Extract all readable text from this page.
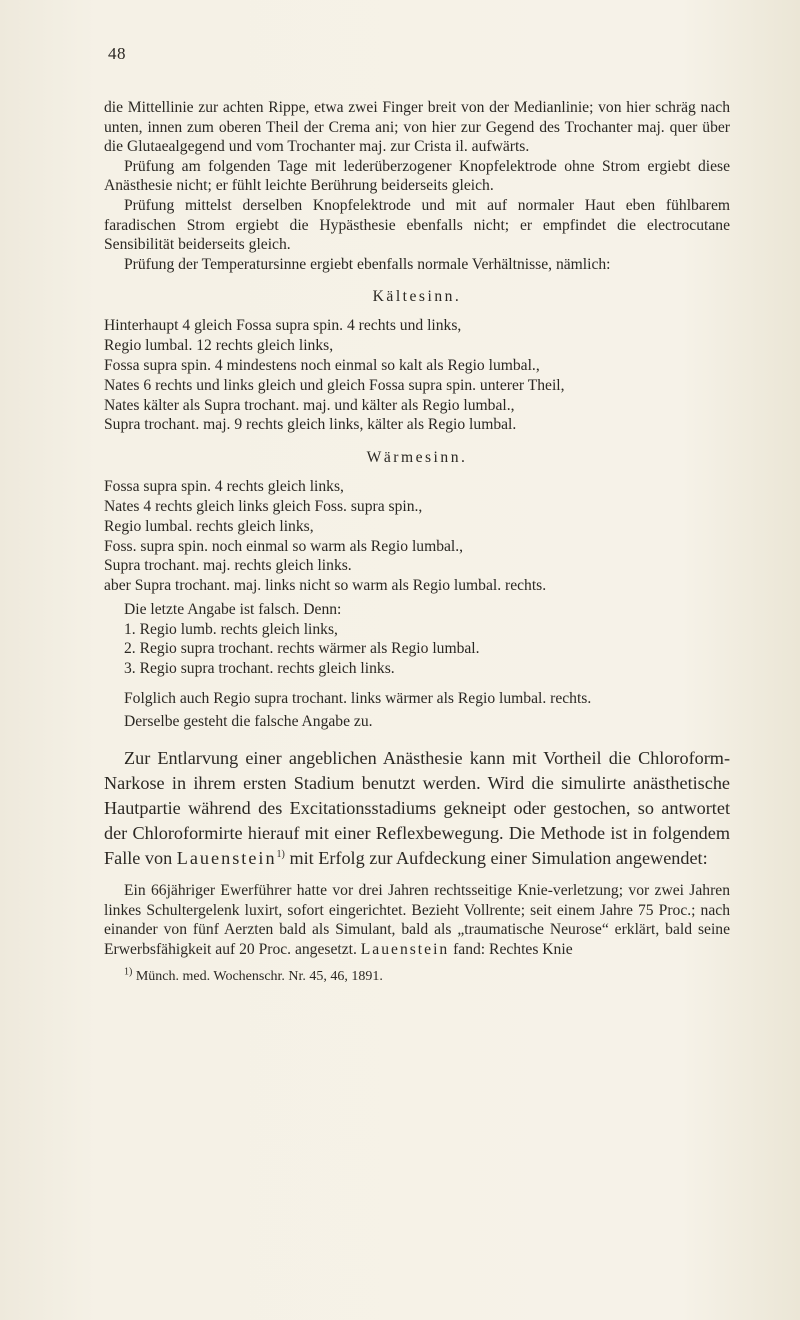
48

die Mittellinie zur achten Rippe, etwa zwei Finger breit von der Medianlinie; von hier schräg nach unten, innen zum oberen Theil der Crema ani; von hier zur Gegend des Trochanter maj. quer über die Glutaealgegend und vom Trochanter maj. zur Crista il. aufwärts.

Prüfung am folgenden Tage mit lederüberzogener Knopfelektrode ohne Strom ergiebt diese Anästhesie nicht; er fühlt leichte Berührung beiderseits gleich.

Prüfung mittelst derselben Knopfelektrode und mit auf normaler Haut eben fühlbarem faradischen Strom ergiebt die Hypästhesie ebenfalls nicht; er empfindet die electrocutane Sensibilität beiderseits gleich.

Prüfung der Temperatursinne ergiebt ebenfalls normale Verhältnisse, nämlich:

Kältesinn.

Hinterhaupt 4 gleich Fossa supra spin. 4 rechts und links,

Regio lumbal. 12 rechts gleich links,

Fossa supra spin. 4 mindestens noch einmal so kalt als Regio lumbal.,

Nates 6 rechts und links gleich und gleich Fossa supra spin. unterer Theil,

Nates kälter als Supra trochant. maj. und kälter als Regio lumbal.,

Supra trochant. maj. 9 rechts gleich links, kälter als Regio lumbal.

Wärmesinn.

Fossa supra spin. 4 rechts gleich links,

Nates 4 rechts gleich links gleich Foss. supra spin.,

Regio lumbal. rechts gleich links,

Foss. supra spin. noch einmal so warm als Regio lumbal.,

Supra trochant. maj. rechts gleich links.

aber Supra trochant. maj. links nicht so warm als Regio lumbal. rechts.

Die letzte Angabe ist falsch. Denn:

1. Regio lumb. rechts gleich links,

2. Regio supra trochant. rechts wärmer als Regio lumbal.

3. Regio supra trochant. rechts gleich links.

Folglich auch Regio supra trochant. links wärmer als Regio lumbal. rechts.

Derselbe gesteht die falsche Angabe zu.

Zur Entlarvung einer angeblichen Anästhesie kann mit Vortheil die Chloroform-Narkose in ihrem ersten Stadium benutzt werden. Wird die simulirte anästhetische Hautpartie während des Excitationsstadiums gekneipt oder gestochen, so antwortet der Chloroformirte hierauf mit einer Reflexbewegung. Die Methode ist in folgendem Falle von Lauenstein$^{1)}$ mit Erfolg zur Aufdeckung einer Simulation angewendet:

Ein 66jähriger Ewerführer hatte vor drei Jahren rechtsseitige Knie-verletzung; vor zwei Jahren linkes Schultergelenk luxirt, sofort eingerichtet. Bezieht Vollrente; seit einem Jahre 75 Proc.; nach einander von fünf Aerzten bald als Simulant, bald als „traumatische Neurose“ erklärt, bald seine Erwerbsfähigkeit auf 20 Proc. angesetzt. Lauenstein fand: Rechtes Knie

$^{1)}$ Münch. med. Wochenschr. Nr. 45, 46, 1891.
